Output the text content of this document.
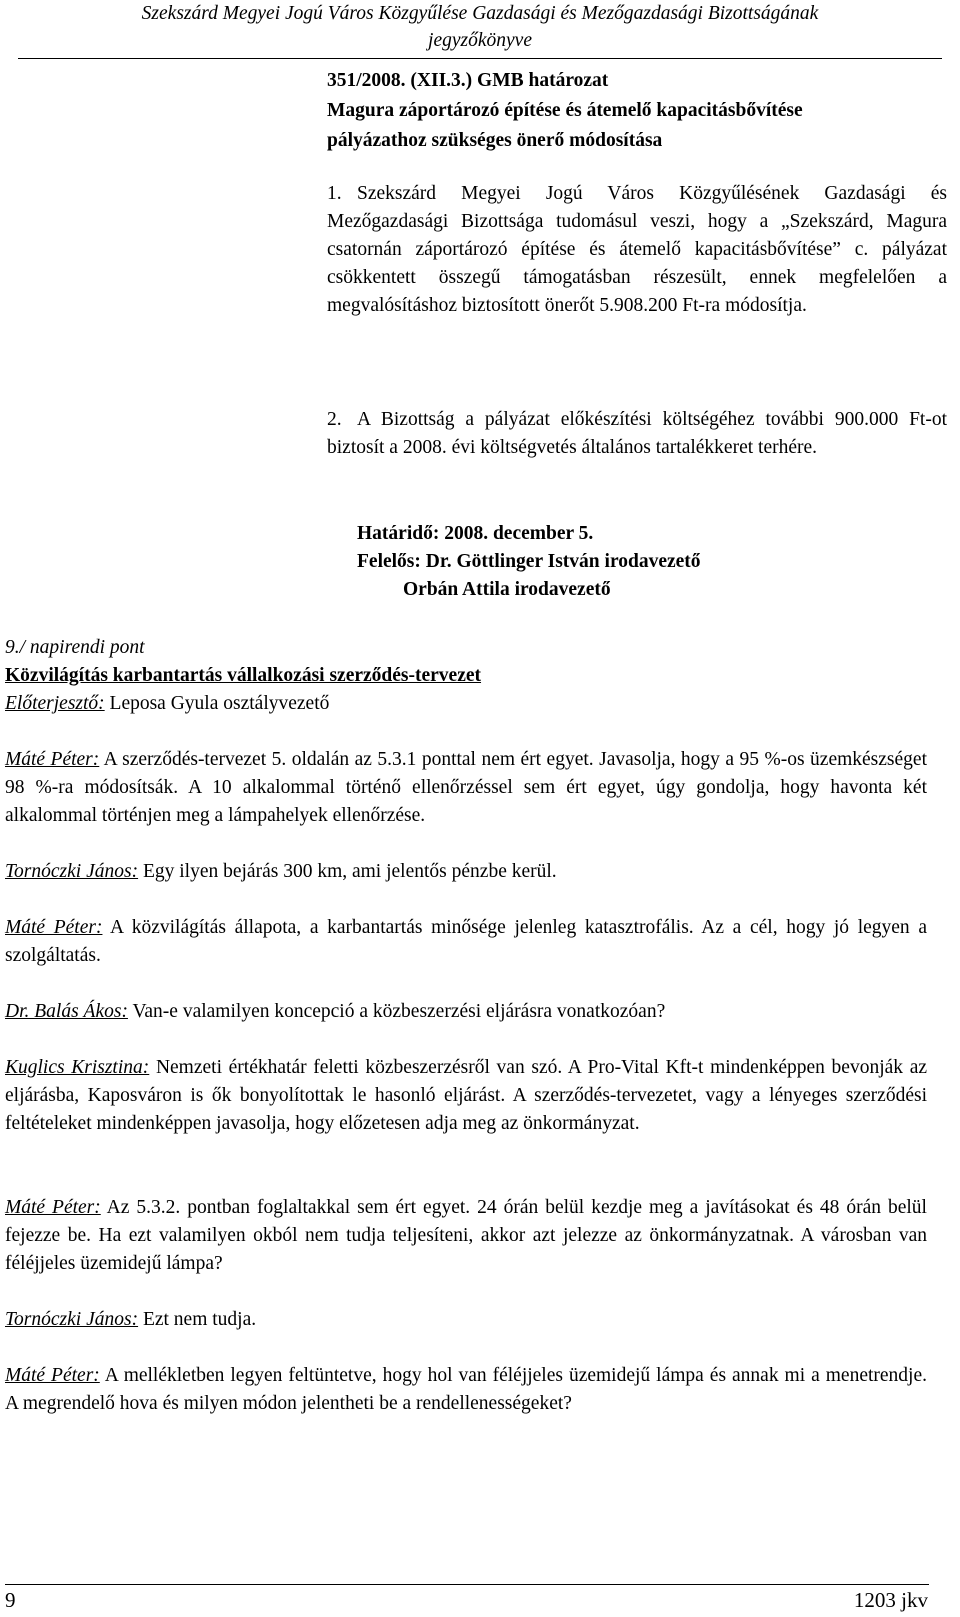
Szekszárd Megyei Jogú Város Közgyűlése Gazdasági és Mezőgazdasági Bizottságának
jegyzőkönyve
351/2008. (XII.3.) GMB határozat
Magura záportározó építése és átemelő kapacitásbővítése
pályázathoz szükséges önerő módosítása
1. Szekszárd Megyei Jogú Város Közgyűlésének Gazdasági és Mezőgazdasági Bizottsága tudomásul veszi, hogy a „Szekszárd, Magura csatornán záportározó építése és átemelő kapacitásbővítése” c. pályázat csökkentett összegű támogatásban részesült, ennek megfelelően a megvalósításhoz biztosított önerőt 5.908.200 Ft-ra módosítja.
2. A Bizottság a pályázat előkészítési költségéhez további 900.000 Ft-ot biztosít a 2008. évi költségvetés általános tartalékkeret terhére.
Határidő: 2008. december 5.
Felelős: Dr. Göttlinger István irodavezető
Orbán Attila irodavezető
9./ napirendi pont
Közvilágítás karbantartás vállalkozási szerződés-tervezet
Előterjesztő: Leposa Gyula osztályvezető
Máté Péter: A szerződés-tervezet 5. oldalán az 5.3.1 ponttal nem ért egyet. Javasolja, hogy a 95 %-os üzemkészséget 98 %-ra módosítsák. A 10 alkalommal történő ellenőrzéssel sem ért egyet, úgy gondolja, hogy havonta két alkalommal történjen meg a lámpahelyek ellenőrzése.
Tornóczki János: Egy ilyen bejárás 300 km, ami jelentős pénzbe kerül.
Máté Péter: A közvilágítás állapota, a karbantartás minősége jelenleg katasztrofális. Az a cél, hogy jó legyen a szolgáltatás.
Dr. Balás Ákos: Van-e valamilyen koncepció a közbeszerzési eljárásra vonatkozóan?
Kuglics Krisztina: Nemzeti értékhatár feletti közbeszerzésről van szó. A Pro-Vital Kft-t mindenképpen bevonják az eljárásba, Kaposváron is ők bonyolítottak le hasonló eljárást. A szerződés-tervezetet, vagy a lényeges szerződési feltételeket mindenképpen javasolja, hogy előzetesen adja meg az önkormányzat.
Máté Péter: Az 5.3.2. pontban foglaltakkal sem ért egyet. 24 órán belül kezdje meg a javításokat és 48 órán belül fejezze be. Ha ezt valamilyen okból nem tudja teljesíteni, akkor azt jelezze az önkormányzatnak. A városban van féléjjeles üzemidejű lámpa?
Tornóczki János: Ezt nem tudja.
Máté Péter: A mellékletben legyen feltüntetve, hogy hol van féléjjeles üzemidejű lámpa és annak mi a menetrendje. A megrendelő hova és milyen módon jelentheti be a rendellenességeket?
9	1203 jkv
